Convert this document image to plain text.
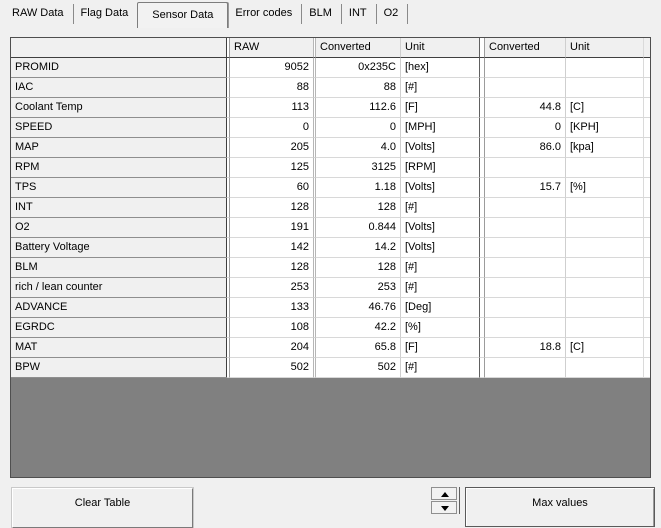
RAW Data	Flag Data	Sensor Data	Error codes	BLM	INT	O2
RAW	Converted	Unit	Converted	Unit
PROMID	9052	0x235C [hex]
IAC	88	88 [#]
Coolant Temp	113	112.6 [F]	44.8 [C]
SPEED	0	0 [MPH]	0 [KPH]
MAP	205	4.0 [Volts]	86.0 [kpa]
RPM	125	3125 [RPM]
TPS	60	1.18 [Volts]	15.7 [%]
INT	128	128 [#]
O2	191	0.844 [Volts]
Battery Voltage	142	14.2 [Volts]
BLM	128	128 [#]
rich / lean counter	253	253 [#]
ADVANCE	133	46.76 [Deg]
EGRDC	108	42.2 [%]
MAT	204	65.8 [F]	18.8 [C]
BPW	502	502 [#]
Clear Table	Max values
